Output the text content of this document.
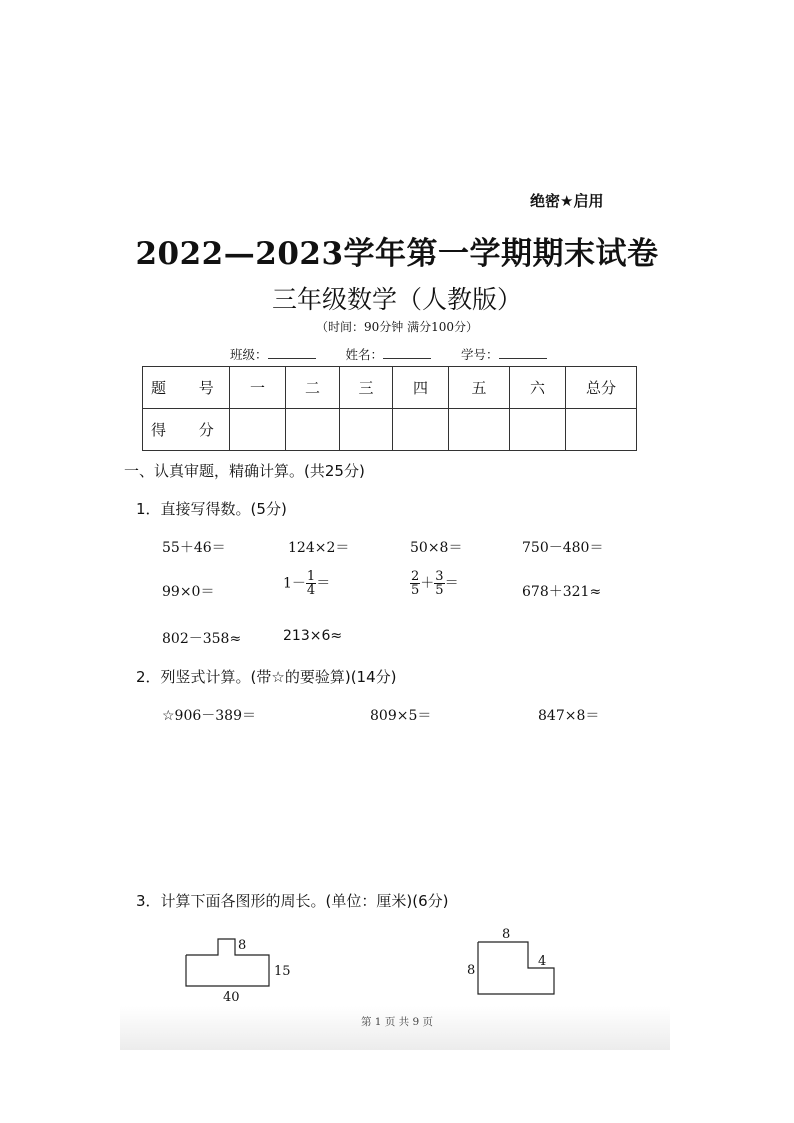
绝密★启用
2022—2023学年第一学期期末试卷
三年级数学（人教版）
（时间：90分钟 满分100分）
班级：	姓名：	学号：
题 号	一	二	三	四	五	六	总分
得 分							
一、认真审题，精确计算。(共25分)
1．直接写得数。(5分)
55＋46＝	124×2＝	50×8＝	750－480＝
99×0＝
$1- \frac{1}{4}$ ＝	$\frac{2}{5} + \frac{3}{5}$ ＝
678＋321≈
802－358≈	213×6≈
2．列竖式计算。(带☆的要验算)(14分)
☆906－389＝	809×5＝	847×8＝
3．计算下面各图形的周长。(单位：厘米)(6分)
8
15
40
8
8
4
第 1 页 共 9 页
